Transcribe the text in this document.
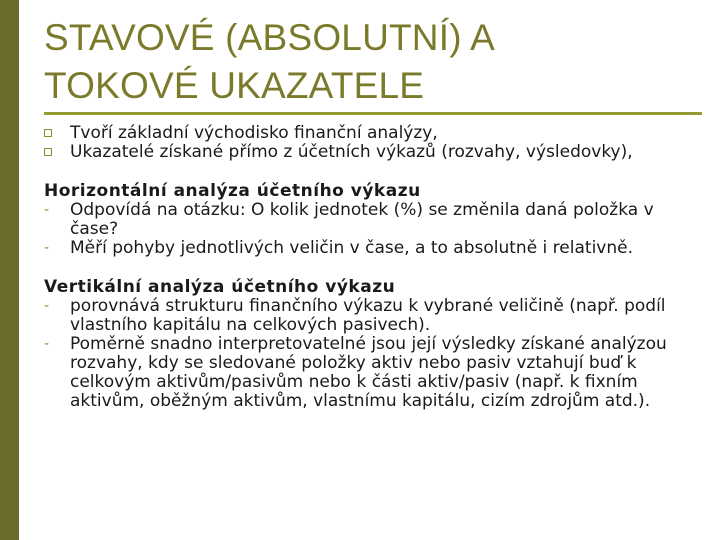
STAVOVÉ (ABSOLUTNÍ) A
TOKOVÉ UKAZATELE
Tvoří základní východisko finanční analýzy,
Ukazatelé získané přímo z účetních výkazů (rozvahy, výsledovky),
Horizontální analýza účetního výkazu
- Odpovídá na otázku: O kolik jednotek (%) se změnila daná položka v čase?
- Měří pohyby jednotlivých veličin v čase, a to absolutně i relativně.
Vertikální analýza účetního výkazu
- porovnává strukturu finančního výkazu k vybrané veličině (např. podíl vlastního kapitálu na celkových pasivech).
- Poměrně snadno interpretovatelné jsou její výsledky získané analýzou rozvahy, kdy se sledované položky aktiv nebo pasiv vztahují buď k celkovým aktivům/pasivům nebo k části aktiv/pasiv (např. k fixním aktivům, oběžným aktivům, vlastnímu kapitálu, cizím zdrojům atd.).
